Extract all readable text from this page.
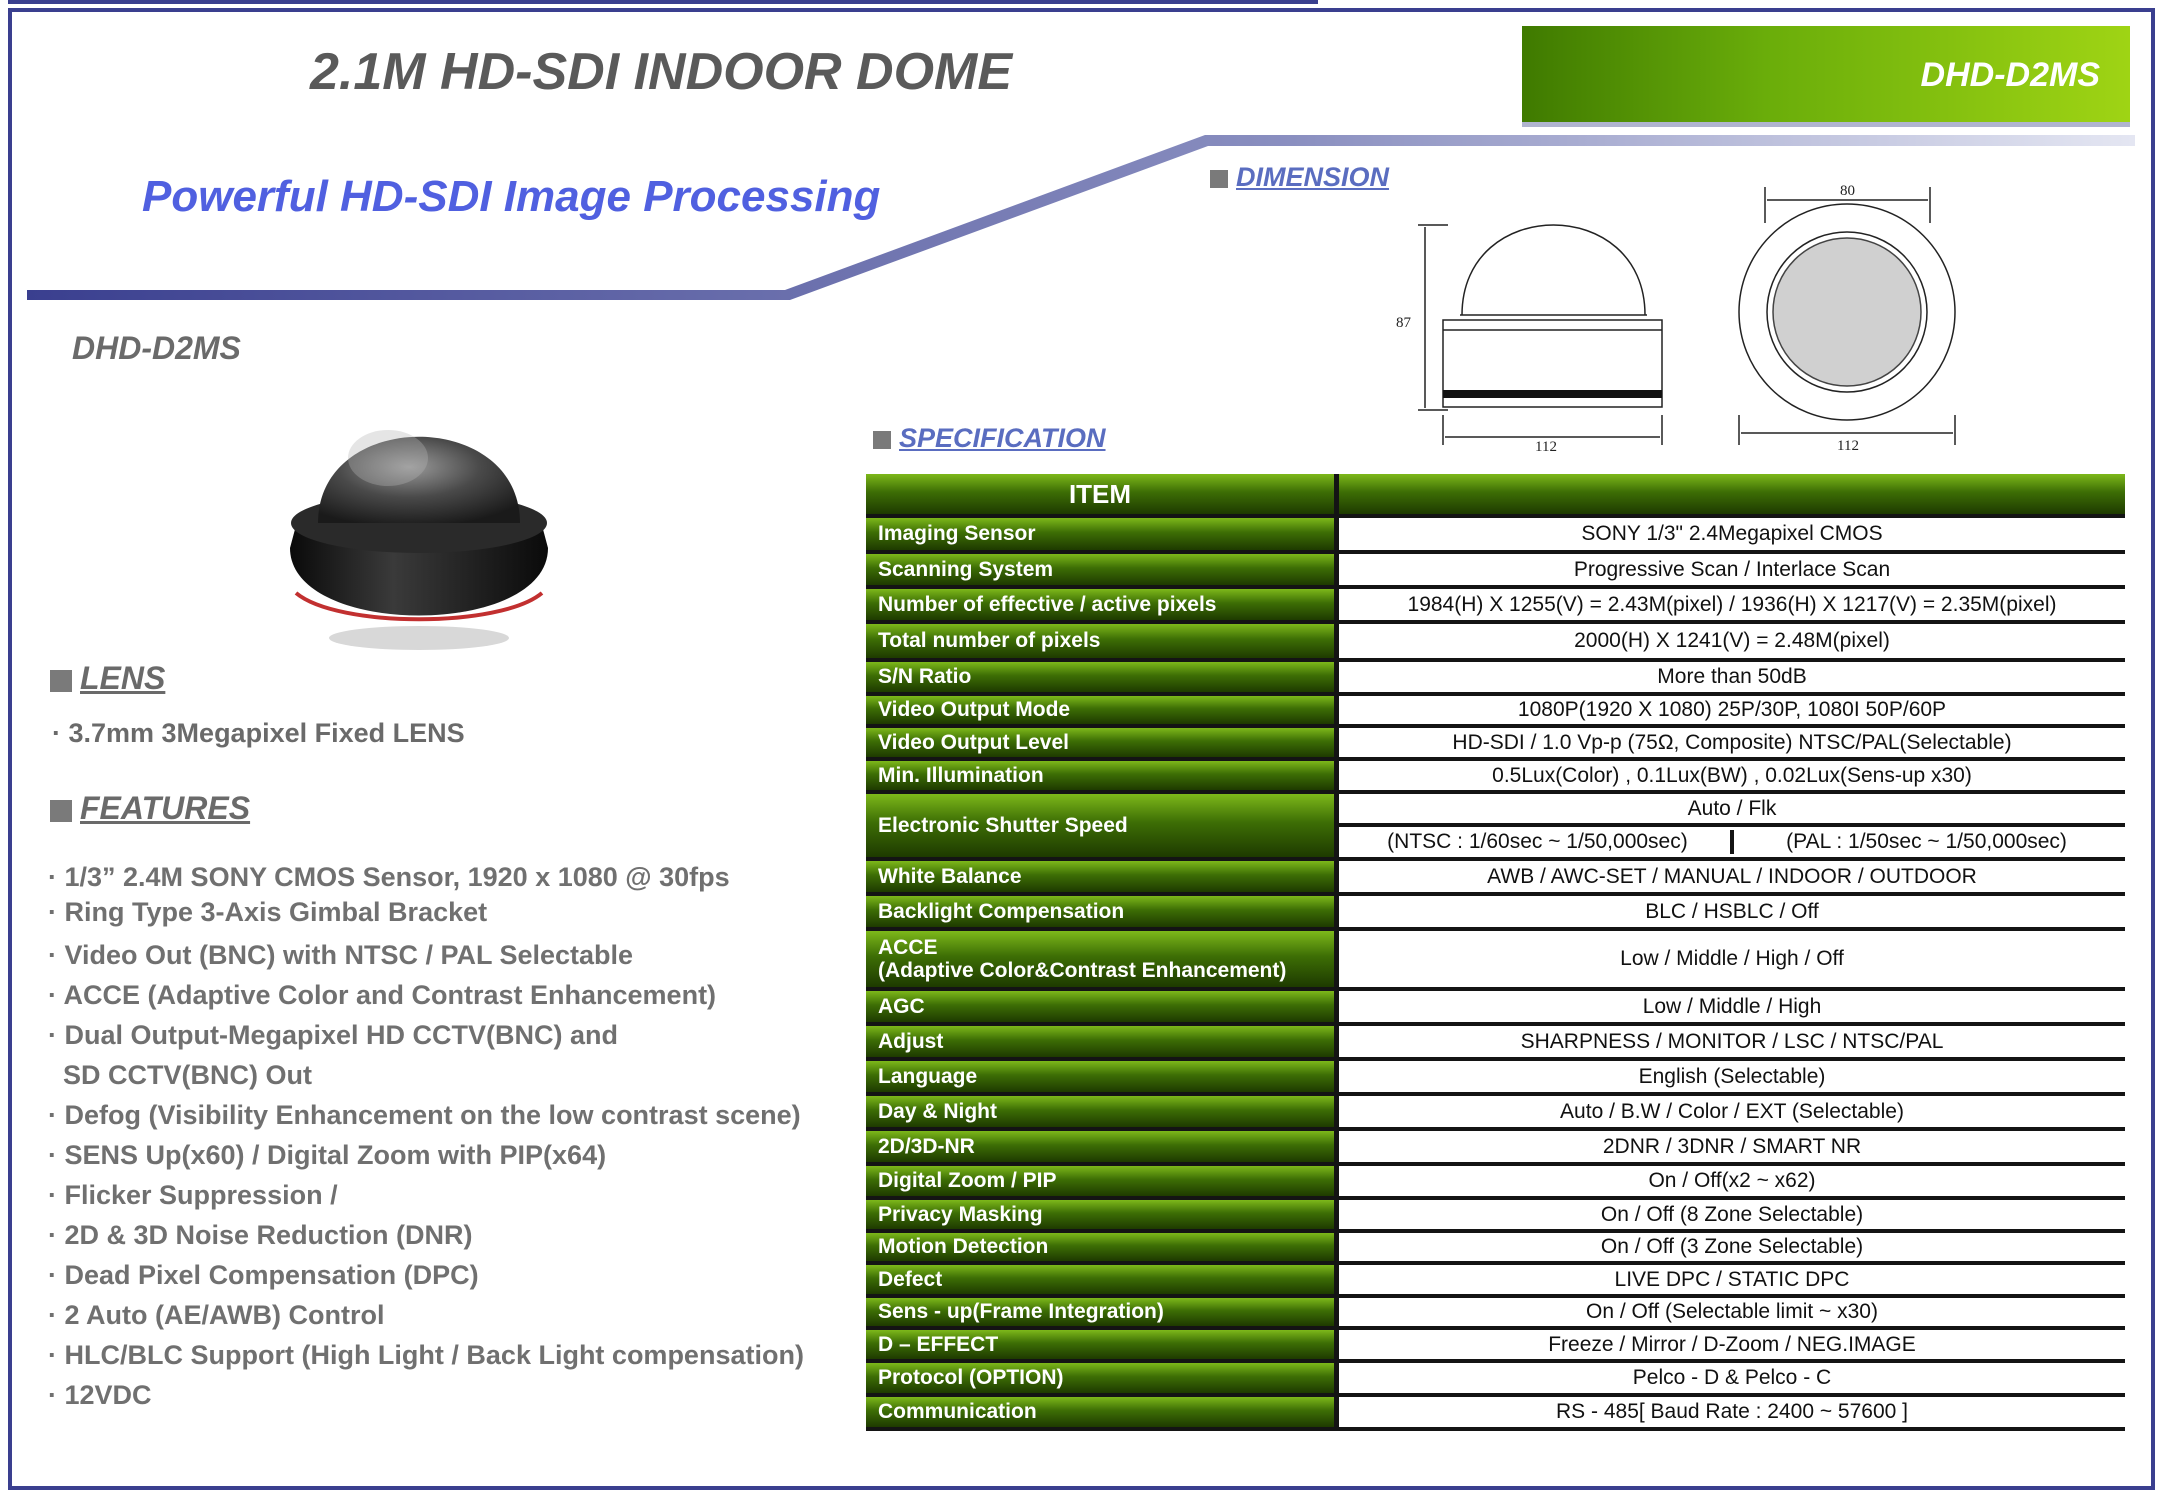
2.1M HD-SDI INDOOR DOME	DHD-D2MS
Powerful HD-SDI Image Processing
DHD-D2MS
DIMENSION
87
112
80
112
LENS
· 3.7mm 3Megapixel Fixed LENS
FEATURES
· 1/3” 2.4M SONY CMOS Sensor, 1920 x 1080 @ 30fps
· Ring Type 3-Axis Gimbal Bracket
· Video Out (BNC) with NTSC / PAL Selectable
· ACCE (Adaptive Color and Contrast Enhancement)
· Dual Output-Megapixel HD CCTV(BNC) and
SD CCTV(BNC) Out
· Defog (Visibility Enhancement on the low contrast scene)
· SENS Up(x60) / Digital Zoom with PIP(x64)
· Flicker Suppression /
· 2D & 3D Noise Reduction (DNR)
· Dead Pixel Compensation (DPC)
· 2 Auto (AE/AWB) Control
· HLC/BLC Support (High Light / Back Light compensation)
· 12VDC
SPECIFICATION
ITEM	
Imaging Sensor	SONY 1/3" 2.4Megapixel CMOS
Scanning System	Progressive Scan / Interlace Scan
Number of effective / active pixels	1984(H) X 1255(V) = 2.43M(pixel) / 1936(H) X 1217(V) = 2.35M(pixel)
Total number of pixels	2000(H) X 1241(V) = 2.48M(pixel)
S/N Ratio	More than 50dB
Video Output Mode	1080P(1920 X 1080) 25P/30P, 1080I 50P/60P
Video Output Level	HD-SDI / 1.0 Vp-p (75Ω, Composite) NTSC/PAL(Selectable)
Min. Illumination	0.5Lux(Color) , 0.1Lux(BW) , 0.02Lux(Sens-up x30)
Electronic Shutter Speed	Auto / Flk
	(NTSC : 1/60sec ~ 1/50,000sec) (PAL : 1/50sec ~ 1/50,000sec)
White Balance	AWB / AWC-SET / MANUAL / INDOOR / OUTDOOR
Backlight Compensation	BLC / HSBLC / Off

ACCE
(Adaptive Color&Contrast Enhancement)	Low / Middle / High / Off
AGC	Low / Middle / High
Adjust	SHARPNESS / MONITOR / LSC / NTSC/PAL
Language	English (Selectable)
Day & Night	Auto / B.W / Color / EXT (Selectable)
2D/3D-NR	2DNR / 3DNR / SMART NR
Digital Zoom / PIP	On / Off(x2 ~ x62)
Privacy Masking	On / Off (8 Zone Selectable)
Motion Detection	On / Off (3 Zone Selectable)
Defect	LIVE DPC / STATIC DPC
Sens - up(Frame Integration)	On / Off (Selectable limit ~ x30)
D – EFFECT	Freeze / Mirror / D-Zoom / NEG.IMAGE
Protocol (OPTION)	Pelco - D & Pelco - C
Communication	RS - 485[ Baud Rate : 2400 ~ 57600 ]
